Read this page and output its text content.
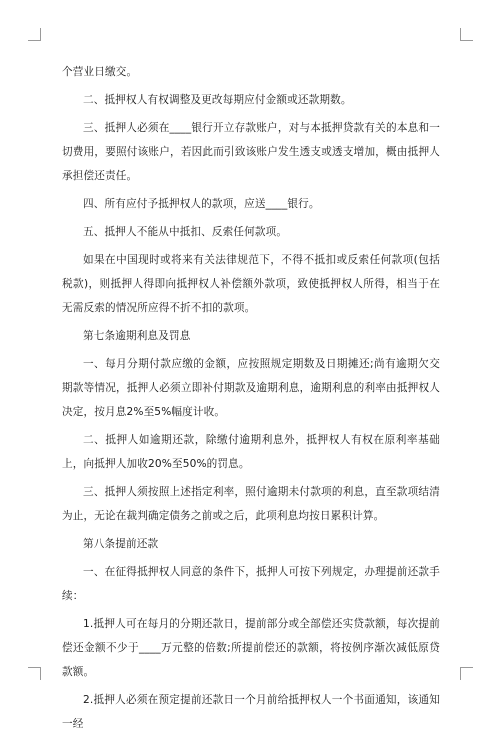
个营业日缴交。

二、抵押权人有权调整及更改每期应付金额或还款期数。

三、抵押人必须在____银行开立存款账户，对与本抵押贷款有关的本息和一切费用，要照付该账户，若因此而引致该账户发生透支或透支增加，概由抵押人承担偿还责任。

四、所有应付予抵押权人的款项，应送____银行。

五、抵押人不能从中抵扣、反索任何款项。

如果在中国现时或将来有关法律规范下，不得不抵扣或反索任何款项(包括税款)，则抵押人得即向抵押权人补偿额外款项，致使抵押权人所得，相当于在无需反索的情况所应得不折不扣的款项。

第七条逾期利息及罚息

一、每月分期付款应缴的金额，应按照规定期数及日期摊还;尚有逾期欠交期款等情况，抵押人必须立即补付期款及逾期利息，逾期利息的利率由抵押权人决定，按月息2%至5%幅度计收。

二、抵押人如逾期还款，除缴付逾期利息外，抵押权人有权在原利率基础上，向抵押人加收20%至50%的罚息。

三、抵押人须按照上述指定利率，照付逾期未付款项的利息，直至款项结清为止，无论在裁判确定债务之前或之后，此项利息均按日累积计算。

第八条提前还款

一、在征得抵押权人同意的条件下，抵押人可按下列规定，办理提前还款手续：

1.抵押人可在每月的分期还款日，提前部分或全部偿还实贷款额，每次提前偿还金额不少于____万元整的倍数;所提前偿还的款额，将按例序渐次减低原贷款额。

2.抵押人必须在预定提前还款日一个月前给抵押权人一个书面通知，该通知一经
